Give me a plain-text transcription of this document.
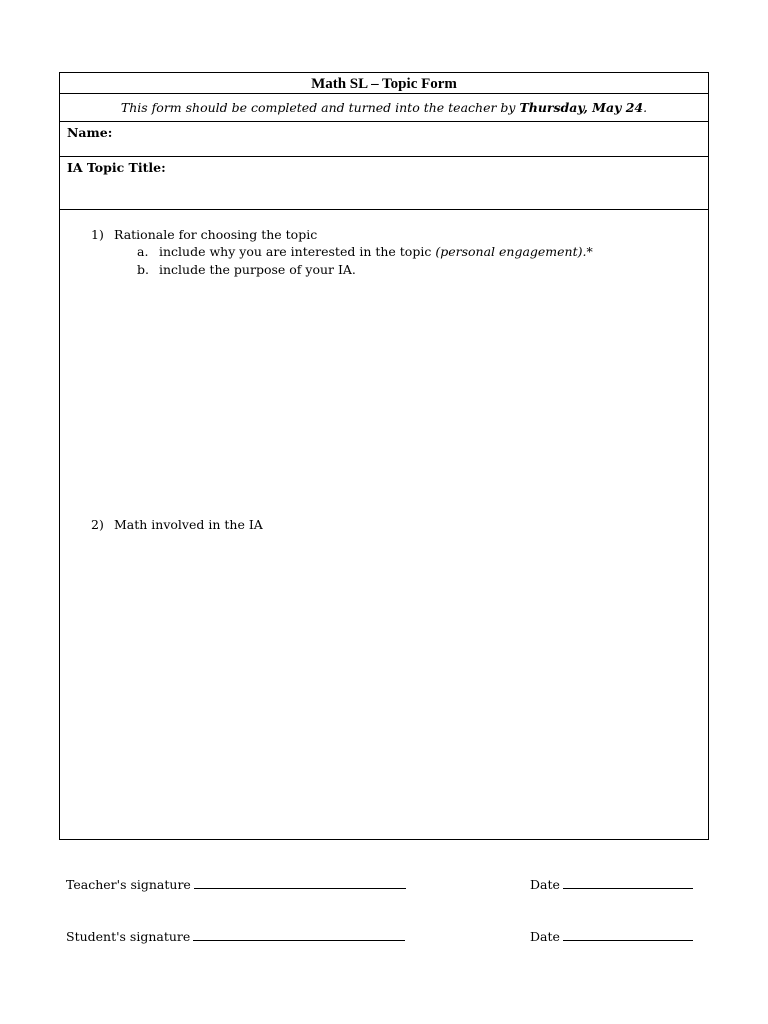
Math SL – Topic Form
This form should be completed and turned into the teacher by Thursday, May 24.
Name:
IA Topic Title:
1) Rationale for choosing the topic
a. include why you are interested in the topic (personal engagement).*
b. include the purpose of your IA.
2) Math involved in the IA
Teacher's signature	Date
Student's signature	Date
